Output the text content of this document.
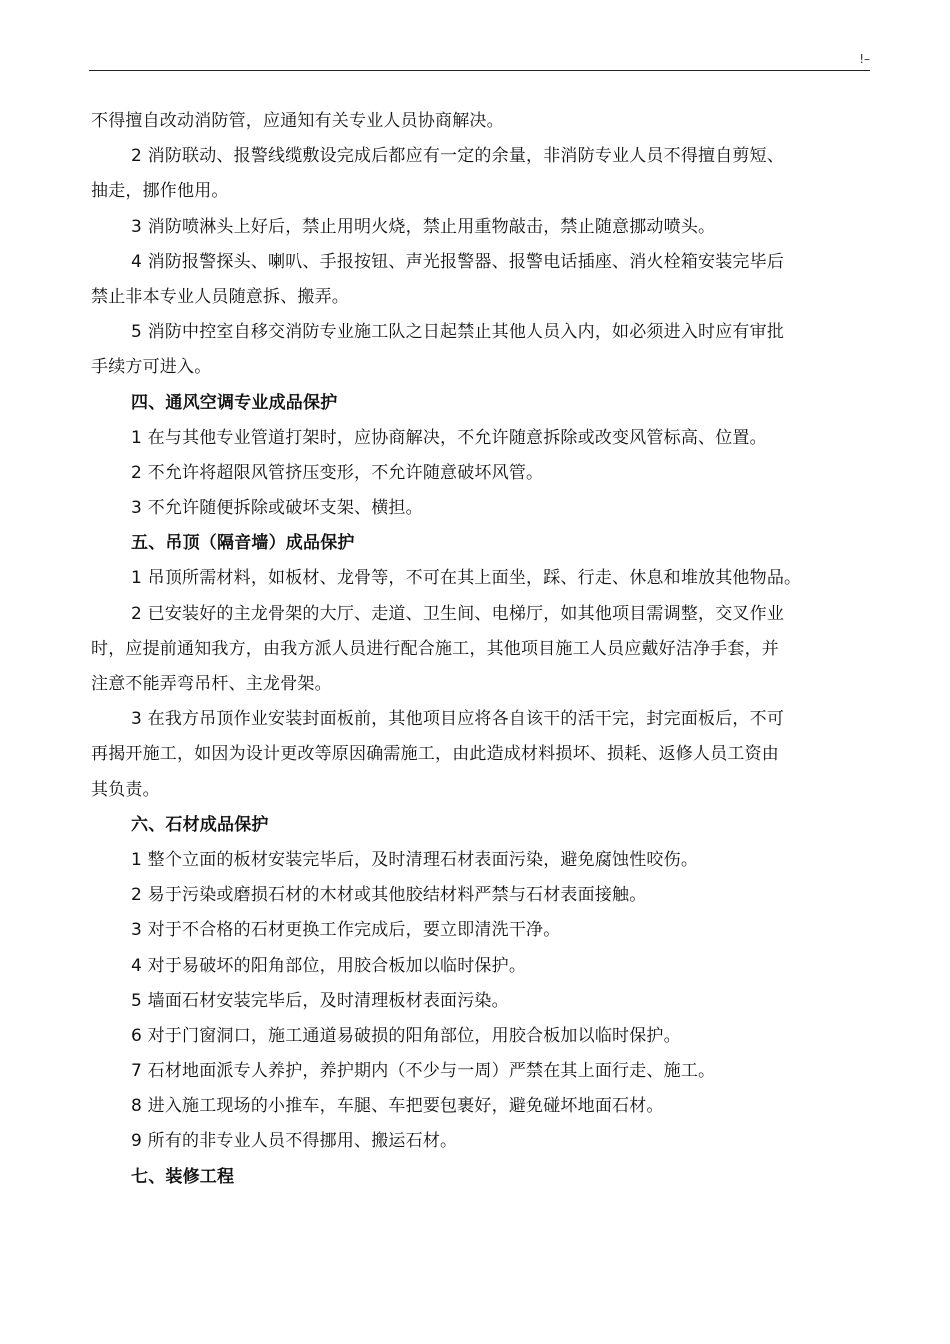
!–
不得擅自改动消防管，应通知有关专业人员协商解决。
2 消防联动、报警线缆敷设完成后都应有一定的余量，非消防专业人员不得擅自剪短、
抽走，挪作他用。
3 消防喷淋头上好后，禁止用明火烧，禁止用重物敲击，禁止随意挪动喷头。
4 消防报警探头、喇叭、手报按钮、声光报警器、报警电话插座、消火栓箱安装完毕后
禁止非本专业人员随意拆、搬弄。
5 消防中控室自移交消防专业施工队之日起禁止其他人员入内，如必须进入时应有审批
手续方可进入。
四、通风空调专业成品保护
1 在与其他专业管道打架时，应协商解决，不允许随意拆除或改变风管标高、位置。
2 不允许将超限风管挤压变形，不允许随意破坏风管。
3 不允许随便拆除或破坏支架、横担。
五、吊顶（隔音墙）成品保护
1 吊顶所需材料，如板材、龙骨等，不可在其上面坐，踩、行走、休息和堆放其他物品。
2 已安装好的主龙骨架的大厅、走道、卫生间、电梯厅，如其他项目需调整，交叉作业
时，应提前通知我方，由我方派人员进行配合施工，其他项目施工人员应戴好洁净手套，并
注意不能弄弯吊杆、主龙骨架。
3 在我方吊顶作业安装封面板前，其他项目应将各自该干的活干完，封完面板后，不可
再揭开施工，如因为设计更改等原因确需施工，由此造成材料损坏、损耗、返修人员工资由
其负责。
六、石材成品保护
1 整个立面的板材安装完毕后，及时清理石材表面污染，避免腐蚀性咬伤。
2 易于污染或磨损石材的木材或其他胶结材料严禁与石材表面接触。
3 对于不合格的石材更换工作完成后，要立即清洗干净。
4 对于易破坏的阳角部位，用胶合板加以临时保护。
5 墙面石材安装完毕后，及时清理板材表面污染。
6 对于门窗洞口，施工通道易破损的阳角部位，用胶合板加以临时保护。
7 石材地面派专人养护，养护期内（不少与一周）严禁在其上面行走、施工。
8 进入施工现场的小推车，车腿、车把要包裹好，避免碰坏地面石材。
9 所有的非专业人员不得挪用、搬运石材。
七、装修工程
